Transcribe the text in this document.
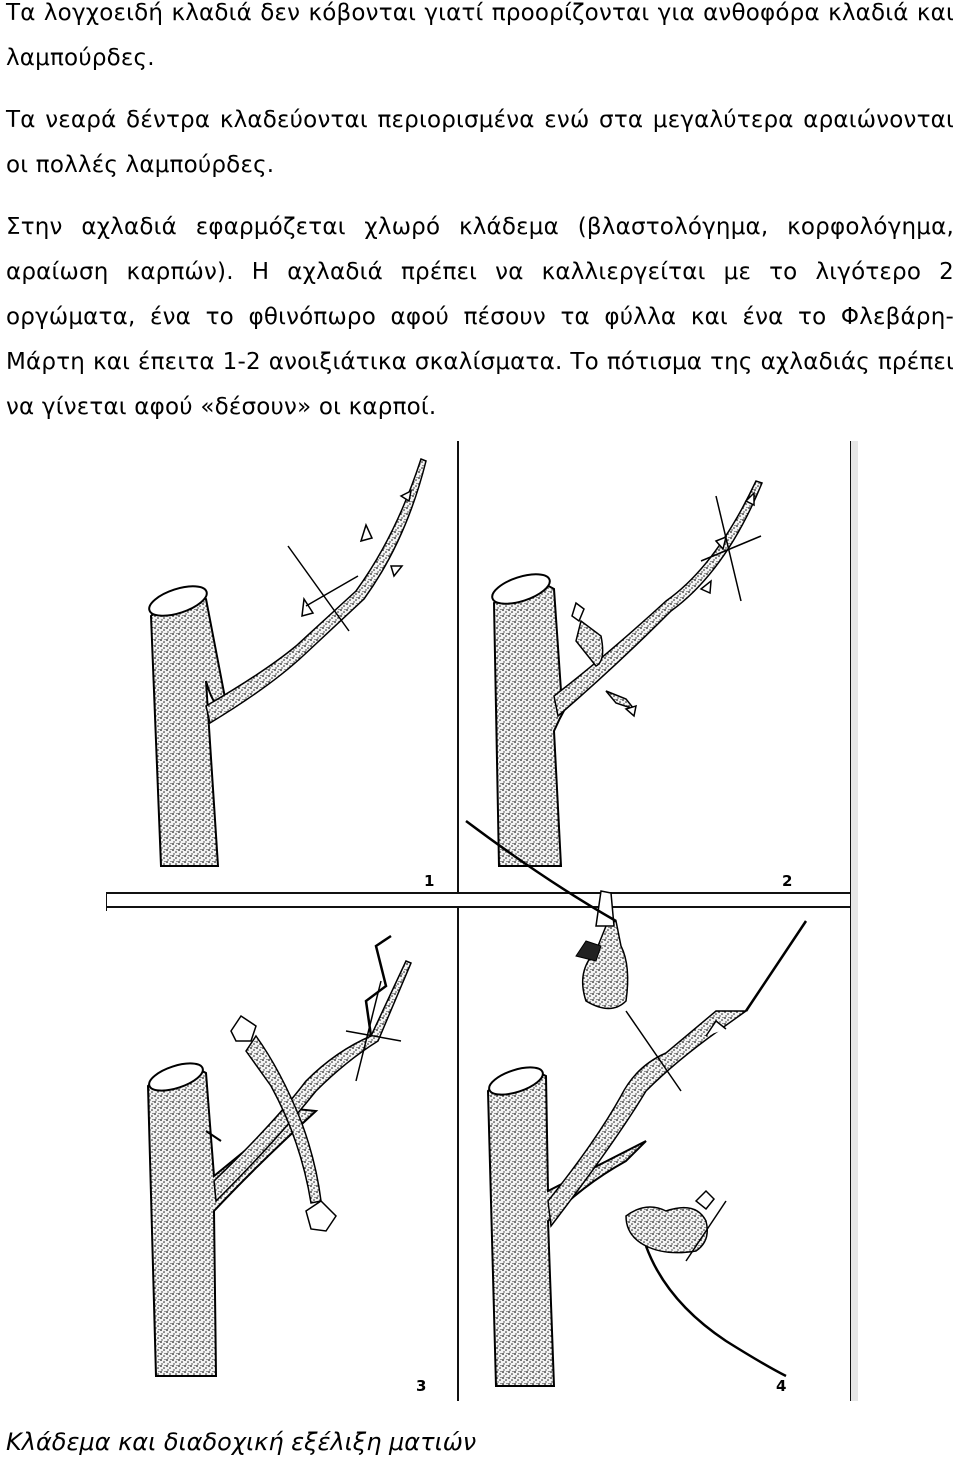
Τα λογχοειδή κλαδιά δεν κόβονται γιατί προορίζονται για ανθοφόρα κλαδιά και λαμπούρδες.
Τα νεαρά δέντρα κλαδεύονται περιορισμένα ενώ στα μεγαλύτερα αραιώνονται οι πολλές λαμπούρδες.
Στην αχλαδιά εφαρμόζεται χλωρό κλάδεμα (βλαστολόγημα, κορφολόγημα, αραίωση καρπών). Η αχλαδιά πρέπει να καλλιεργείται με το λιγότερο 2 οργώματα, ένα το φθινόπωρο αφού πέσουν τα φύλλα και ένα το Φλεβάρη-Μάρτη και έπειτα 1-2 ανοιξιάτικα σκαλίσματα. Το πότισμα της αχλαδιάς πρέπει να γίνεται αφού «δέσουν» οι καρποί.
1	2
3	4
Κλάδεμα και διαδοχική εξέλιξη ματιών
